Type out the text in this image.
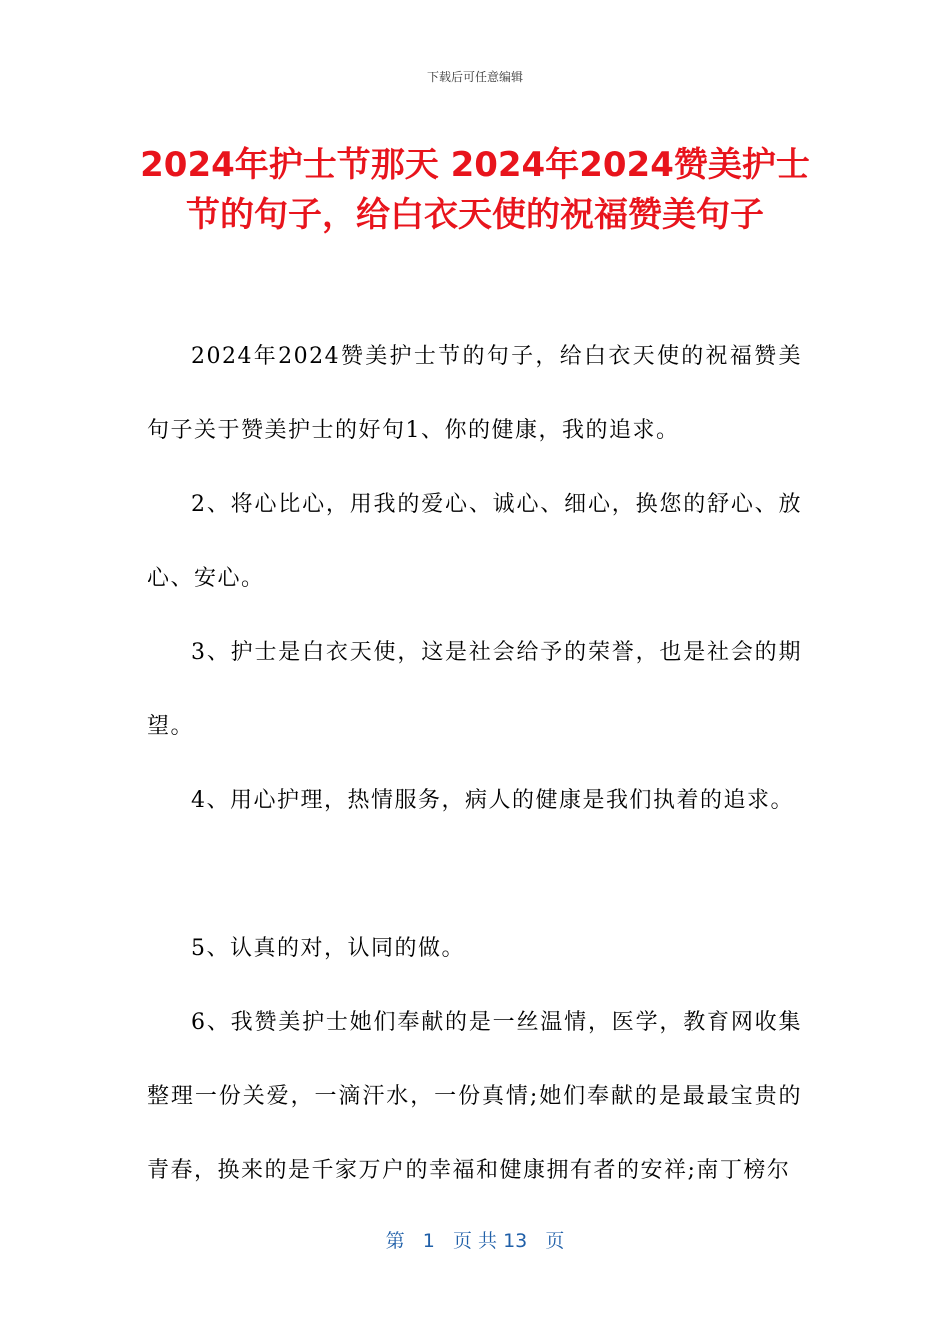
下载后可任意编辑
2024年护士节那天 2024年2024赞美护士节的句子，给白衣天使的祝福赞美句子

2024年2024赞美护士节的句子，给白衣天使的祝福赞美句子关于赞美护士的好句1、你的健康，我的追求。

2、将心比心，用我的爱心、诚心、细心，换您的舒心、放心、安心。

3、护士是白衣天使，这是社会给予的荣誉，也是社会的期望。

4、用心护理，热情服务，病人的健康是我们执着的追求。

5、认真的对，认同的做。

6、我赞美护士她们奉献的是一丝温情，医学，教育网收集整理一份关爱，一滴汗水，一份真情;她们奉献的是最最宝贵的青春，换来的是千家万户的幸福和健康拥有者的安祥;南丁榜尔

第 1 页 共 13 页
